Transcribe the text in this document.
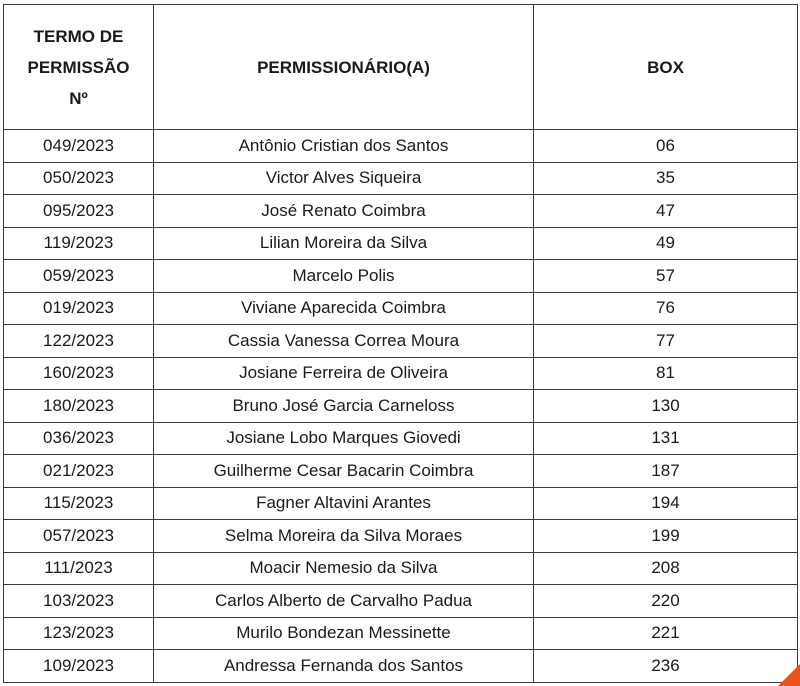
TERMO DE
PERMISSÃO
Nº	PERMISSIONÁRIO(A)	BOX
049/2023	Antônio Cristian dos Santos	06
050/2023	Victor Alves Siqueira	35
095/2023	José Renato Coimbra	47
119/2023	Lilian Moreira da Silva	49
059/2023	Marcelo Polis	57
019/2023	Viviane Aparecida Coimbra	76
122/2023	Cassia Vanessa Correa Moura	77
160/2023	Josiane Ferreira de Oliveira	81
180/2023	Bruno José Garcia Carneloss	130
036/2023	Josiane Lobo Marques Giovedi	131
021/2023	Guilherme Cesar Bacarin Coimbra	187
115/2023	Fagner Altavini Arantes	194
057/2023	Selma Moreira da Silva Moraes	199
111/2023	Moacir Nemesio da Silva	208
103/2023	Carlos Alberto de Carvalho Padua	220
123/2023	Murilo Bondezan Messinette	221
109/2023	Andressa Fernanda dos Santos	236
